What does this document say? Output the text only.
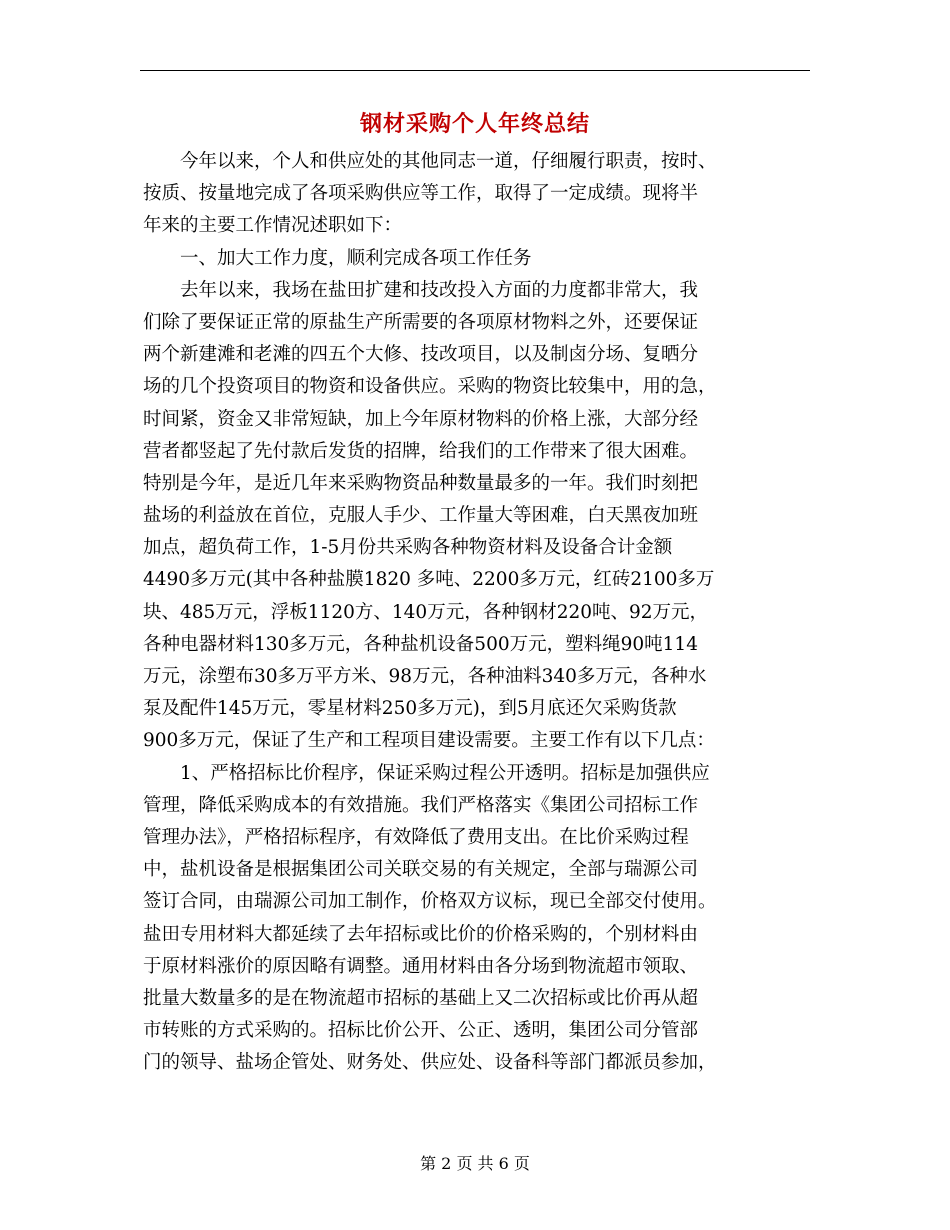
钢材采购个人年终总结
　　今年以来，个人和供应处的其他同志一道，仔细履行职责，按时、
按质、按量地完成了各项采购供应等工作，取得了一定成绩。现将半
年来的主要工作情况述职如下：
　　一、加大工作力度，顺利完成各项工作任务
　　去年以来，我场在盐田扩建和技改投入方面的力度都非常大，我
们除了要保证正常的原盐生产所需要的各项原材物料之外，还要保证
两个新建滩和老滩的四五个大修、技改项目，以及制卤分场、复晒分
场的几个投资项目的物资和设备供应。采购的物资比较集中，用的急，
时间紧，资金又非常短缺，加上今年原材物料的价格上涨，大部分经
营者都竖起了先付款后发货的招牌，给我们的工作带来了很大困难。
特别是今年，是近几年来采购物资品种数量最多的一年。我们时刻把
盐场的利益放在首位，克服人手少、工作量大等困难，白天黑夜加班
加点，超负荷工作，1-5月份共采购各种物资材料及设备合计金额
4490多万元(其中各种盐膜1820 多吨、2200多万元，红砖2100多万
块、485万元，浮板1120方、140万元，各种钢材220吨、92万元，
各种电器材料130多万元，各种盐机设备500万元，塑料绳90吨114
万元，涂塑布30多万平方米、98万元，各种油料340多万元，各种水
泵及配件145万元，零星材料250多万元)，到5月底还欠采购货款
900多万元，保证了生产和工程项目建设需要。主要工作有以下几点：
　　1、严格招标比价程序，保证采购过程公开透明。招标是加强供应
管理，降低采购成本的有效措施。我们严格落实《集团公司招标工作
管理办法》，严格招标程序，有效降低了费用支出。在比价采购过程
中，盐机设备是根据集团公司关联交易的有关规定，全部与瑞源公司
签订合同，由瑞源公司加工制作，价格双方议标，现已全部交付使用。
盐田专用材料大都延续了去年招标或比价的价格采购的，个别材料由
于原材料涨价的原因略有调整。通用材料由各分场到物流超市领取、
批量大数量多的是在物流超市招标的基础上又二次招标或比价再从超
市转账的方式采购的。招标比价公开、公正、透明，集团公司分管部
门的领导、盐场企管处、财务处、供应处、设备科等部门都派员参加，
第 2 页 共 6 页
